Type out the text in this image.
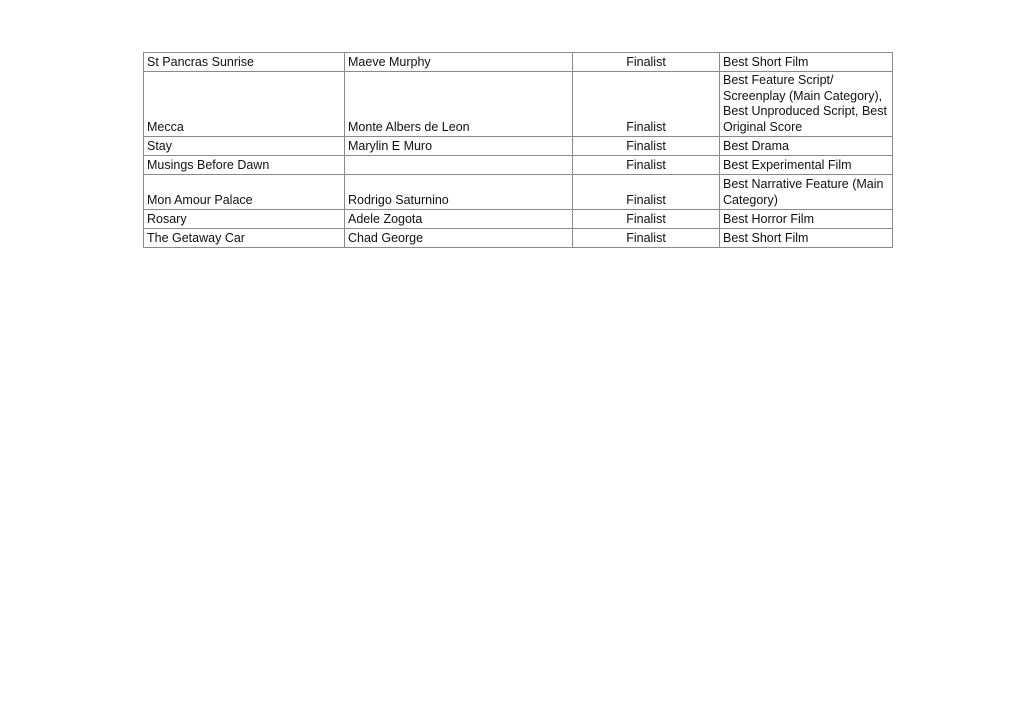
St Pancras Sunrise	Maeve Murphy	Finalist	Best Short Film
Mecca	Monte Albers de Leon	Finalist	Best Feature Script/ Screenplay (Main Category), Best Unproduced Script, Best Original Score
Stay	Marylin E Muro	Finalist	Best Drama
Musings Before Dawn		Finalist	Best Experimental Film
Mon Amour Palace	Rodrigo Saturnino	Finalist	Best Narrative Feature (Main Category)
Rosary	Adele Zogota	Finalist	Best Horror Film
The Getaway Car	Chad George	Finalist	Best Short Film
